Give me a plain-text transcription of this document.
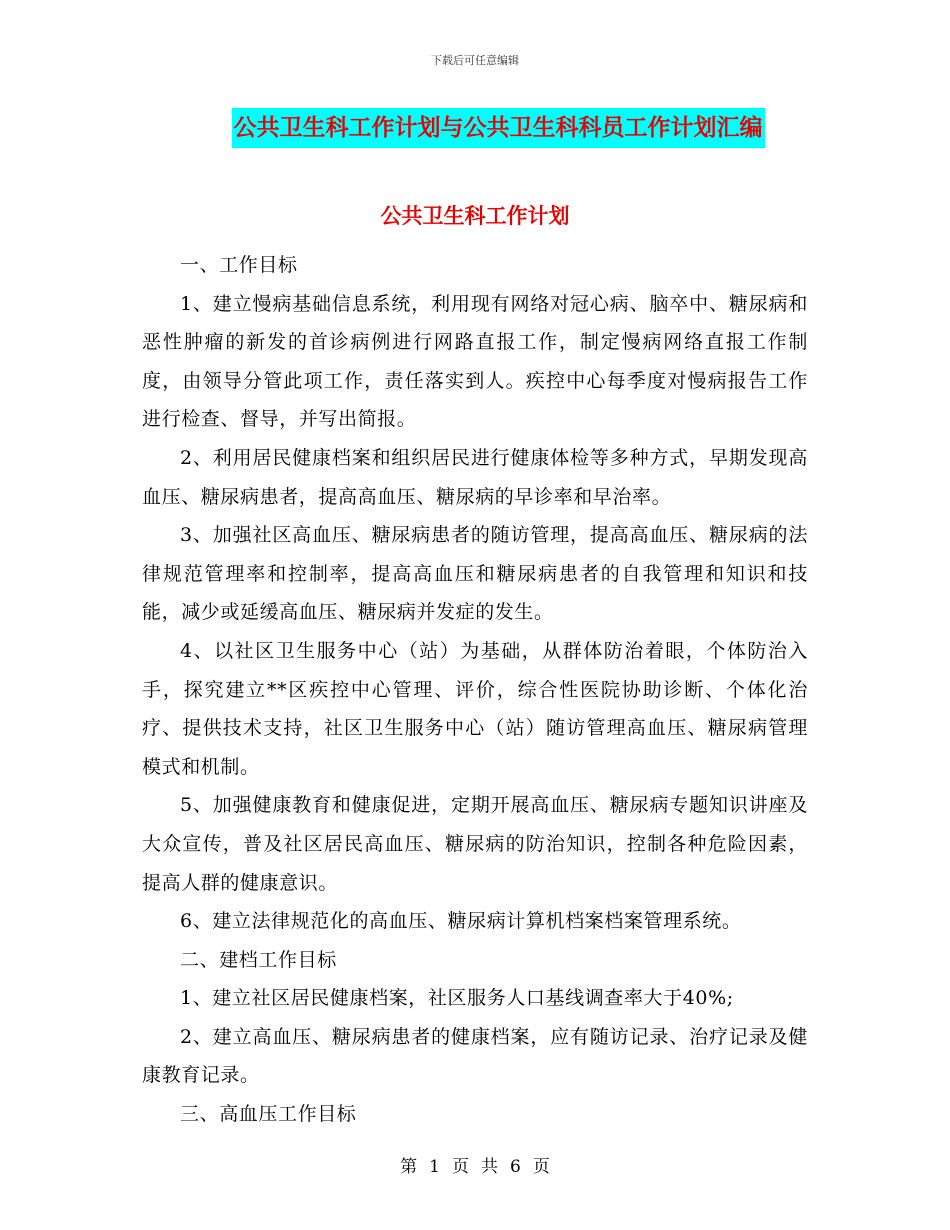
下载后可任意编辑
公共卫生科工作计划与公共卫生科科员工作计划汇编
公共卫生科工作计划

一、工作目标

1、建立慢病基础信息系统，利用现有网络对冠心病、脑卒中、糖尿病和恶性肿瘤的新发的首诊病例进行网路直报工作，制定慢病网络直报工作制度，由领导分管此项工作，责任落实到人。疾控中心每季度对慢病报告工作进行检查、督导，并写出简报。

2、利用居民健康档案和组织居民进行健康体检等多种方式，早期发现高血压、糖尿病患者，提高高血压、糖尿病的早诊率和早治率。

3、加强社区高血压、糖尿病患者的随访管理，提高高血压、糖尿病的法律规范管理率和控制率，提高高血压和糖尿病患者的自我管理和知识和技能，减少或延缓高血压、糖尿病并发症的发生。

4、以社区卫生服务中心（站）为基础，从群体防治着眼，个体防治入手，探究建立**区疾控中心管理、评价，综合性医院协助诊断、个体化治疗、提供技术支持，社区卫生服务中心（站）随访管理高血压、糖尿病管理模式和机制。

5、加强健康教育和健康促进，定期开展高血压、糖尿病专题知识讲座及大众宣传，普及社区居民高血压、糖尿病的防治知识，控制各种危险因素，提高人群的健康意识。

6、建立法律规范化的高血压、糖尿病计算机档案档案管理系统。

二、建档工作目标

1、建立社区居民健康档案，社区服务人口基线调查率大于40%;

2、建立高血压、糖尿病患者的健康档案，应有随访记录、治疗记录及健康教育记录。

三、高血压工作目标

第 1 页 共 6 页
